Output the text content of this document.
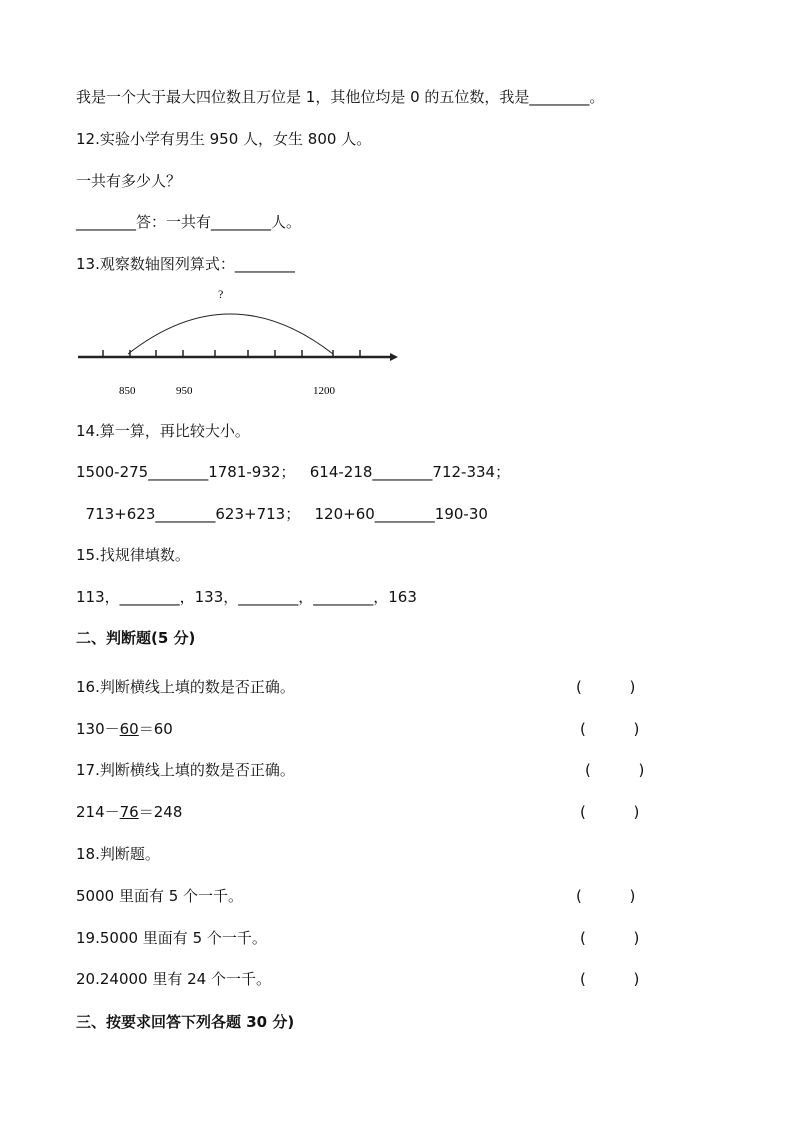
我是一个大于最大四位数且万位是 1，其他位均是 0 的五位数，我是________。
12.实验小学有男生 950 人，女生 800 人。
一共有多少人？
________答：一共有________人。
13.观察数轴图列算式：________
?
850	950	1200
14.算一算，再比较大小。
1500-275________1781-932；   614-218________712-334；
713+623________623+713；   120+60________190-30
15.找规律填数。
113，________，133，________，________，163
二、判断题(5 分)
16.判断横线上填的数是否正确。	(          )
130－60＝60	(          )
17.判断横线上填的数是否正确。	(          )
214－76＝248	(          )
18.判断题。
5000 里面有 5 个一千。	(          )
19.5000 里面有 5 个一千。	(          )
20.24000 里有 24 个一千。	(          )
三、按要求回答下列各题 30 分)
